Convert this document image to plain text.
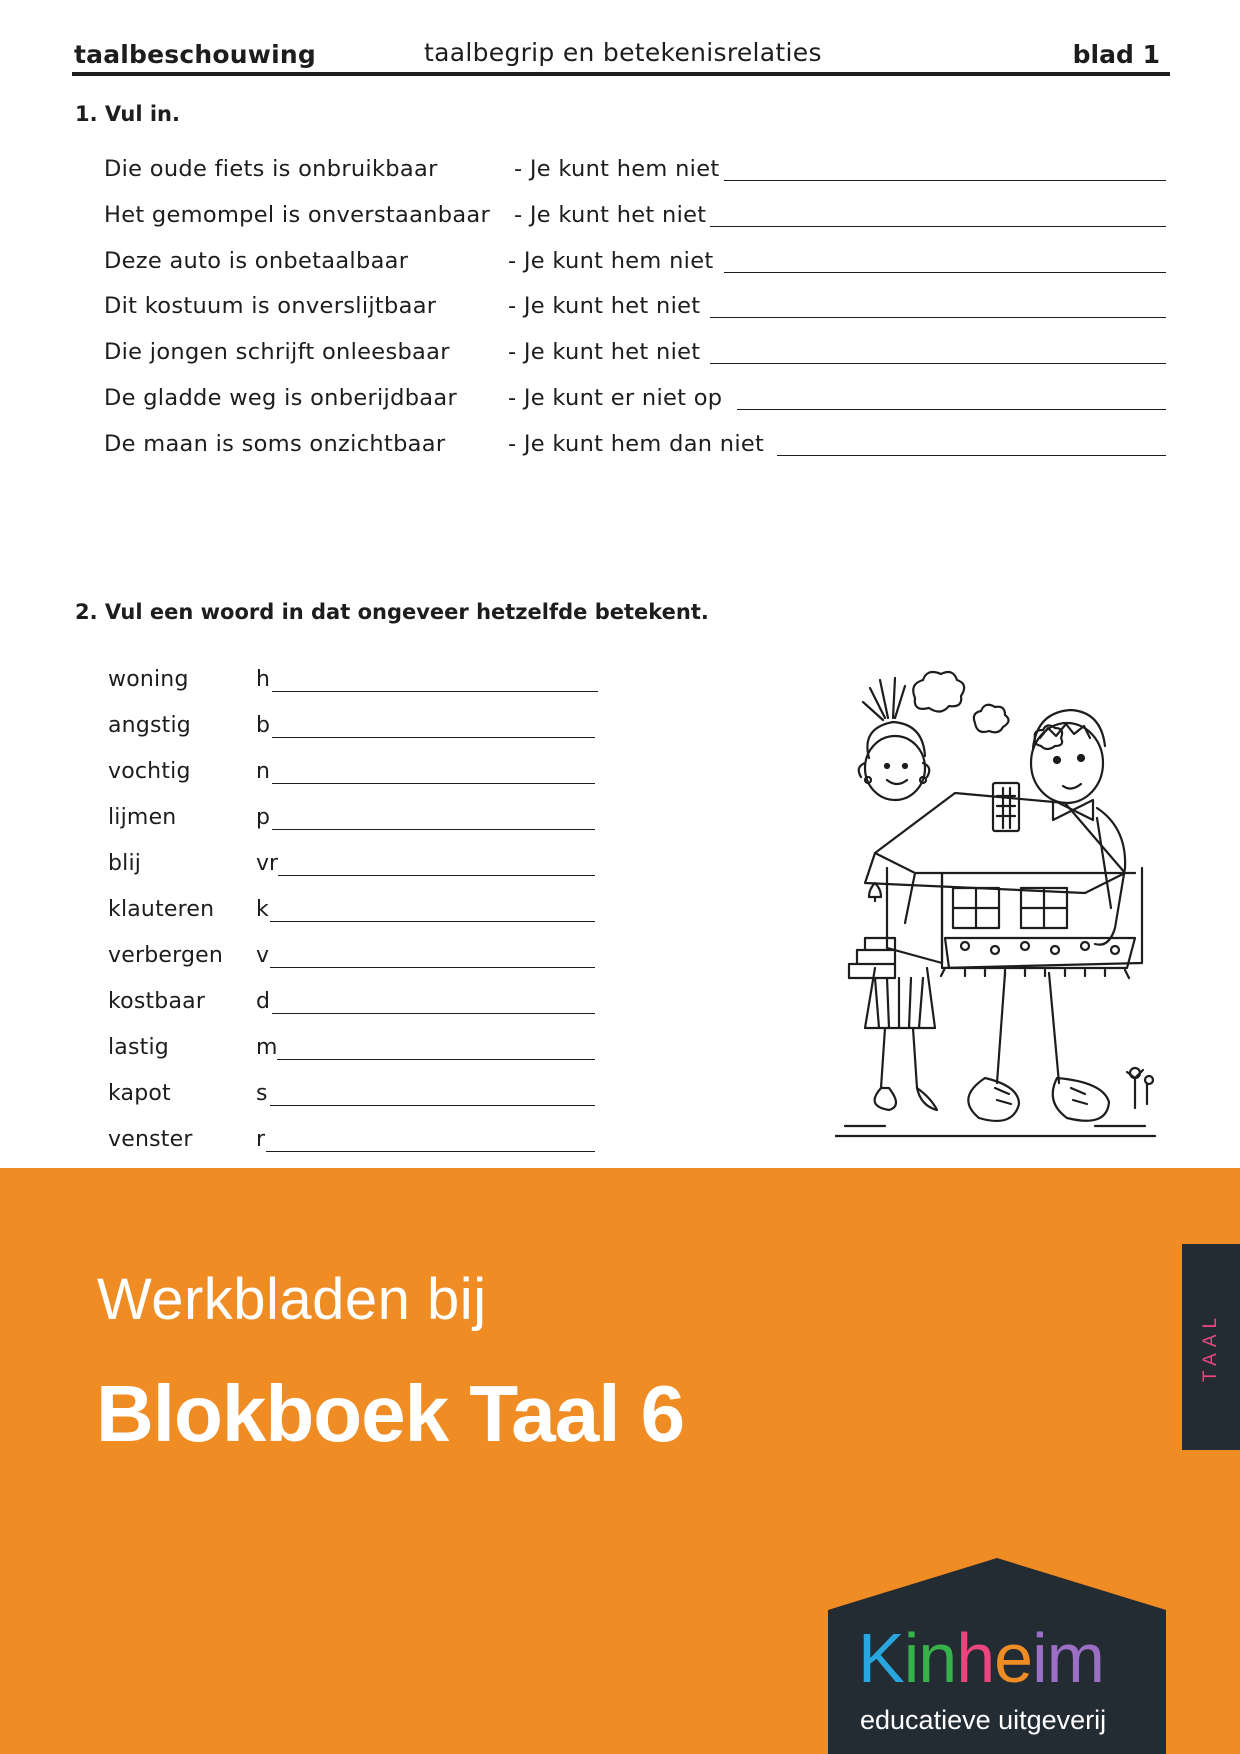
taalbeschouwing	taalbegrip en betekenisrelaties	blad 1
1. Vul in.
Die oude fiets is onbruikbaar	- Je kunt hem niet
Het gemompel is onverstaanbaar - Je kunt het niet
Deze auto is onbetaalbaar	- Je kunt hem niet
Dit kostuum is onverslijtbaar	- Je kunt het niet
Die jongen schrijft onleesbaar	- Je kunt het niet
De gladde weg is onberijdbaar - Je kunt er niet op
De maan is soms onzichtbaar	- Je kunt hem dan niet
2. Vul een woord in dat ongeveer hetzelfde betekent.
woning	h
angstig	b
vochtig	n
lijmen	p
blij	vr
klauteren k
verbergen v
kostbaar d
lastig	m
kapot	s
venster	r
Werkbladen bij
Blokboek Taal 6
TAAL
Kinheim
educatieve uitgeverij
